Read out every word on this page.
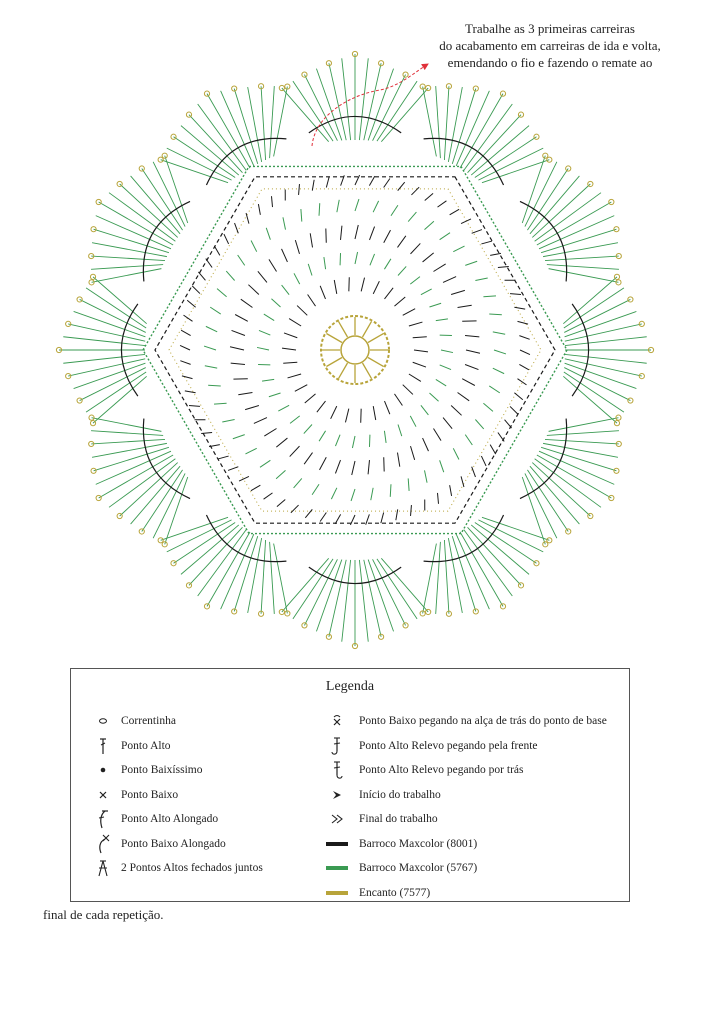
Trabalhe as 3 primeiras carreiras
do acabamento em carreiras de ida e volta,
emendando o fio e fazendo o remate ao
Legenda
Correntinha
Ponto Alto
Ponto Baixíssimo
Ponto Baixo
Ponto Alto Alongado
Ponto Baixo Alongado
2 Pontos Altos fechados juntos
Ponto Baixo pegando na alça de trás do ponto de base
Ponto Alto Relevo pegando pela frente
Ponto Alto Relevo pegando por trás
Início do trabalho
Final do trabalho
Barroco Maxcolor (8001)
Barroco Maxcolor (5767)
Encanto (7577)
final de cada repetição.
